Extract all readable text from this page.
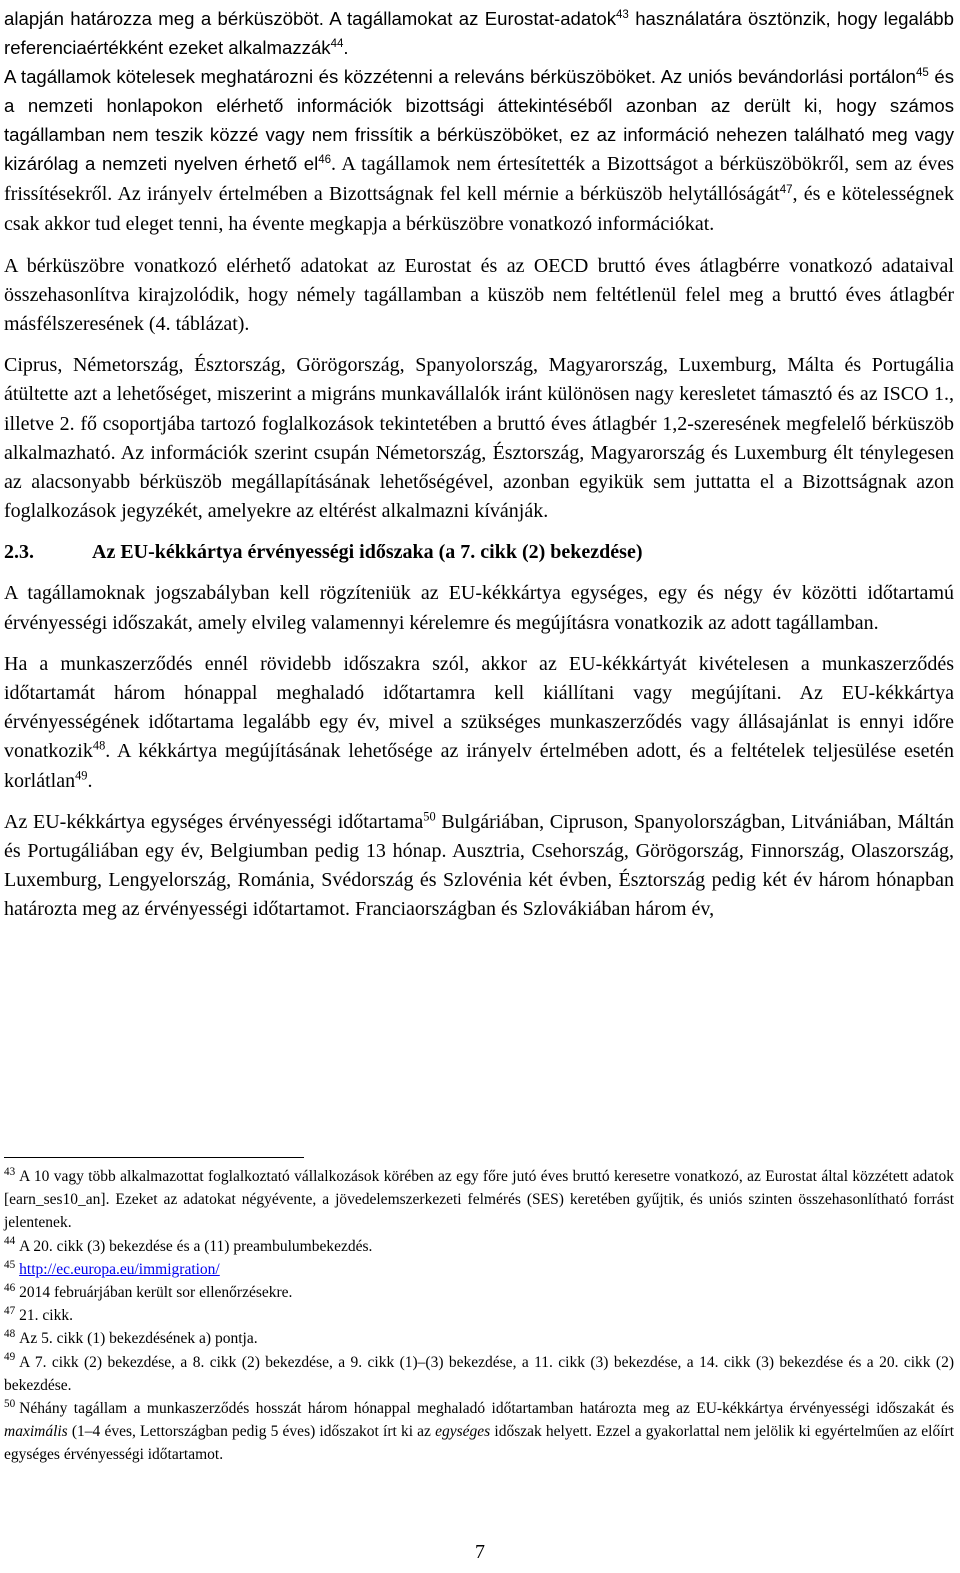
alapján határozza meg a bérküszöböt. A tagállamokat az Eurostat-adatok$^{43}$ használatára ösztönzik, hogy legalább referenciaértékként ezeket alkalmazzák$^{44}$.

A tagállamok kötelesek meghatározni és közzétenni a releváns bérküszöböket. Az uniós bevándorlási portálon$^{45}$ és a nemzeti honlapokon elérhető információk bizottsági áttekintéséből azonban az derült ki, hogy számos tagállamban nem teszik közzé vagy nem frissítik a bérküszöböket, ez az információ nehezen található meg vagy kizárólag a nemzeti nyelven érhető $el^{46}$. A tagállamok nem értesítették a Bizottságot a bérküszöbökről, sem az éves frissítésekről. Az irányelv értelmében a Bizottságnak fel kell mérnie a bérküszöb helytállóságát$^{47}$, és e kötelességnek csak akkor tud eleget tenni, ha évente megkapja a bérküszöbre vonatkozó információkat.

A bérküszöbre vonatkozó elérhető adatokat az Eurostat és az OECD bruttó éves átlagbérre vonatkozó adataival összehasonlítva kirajzolódik, hogy némely tagállamban a küszöb nem feltétlenül felel meg a bruttó éves átlagbér másfélszeresének (4. táblázat).

Ciprus, Németország, Észtország, Görögország, Spanyolország, Magyarország, Luxemburg, Málta és Portugália átültette azt a lehetőséget, miszerint a migráns munkavállalók iránt különösen nagy keresletet támasztó és az ISCO 1., illetve 2. fő csoportjába tartozó foglalkozások tekintetében a bruttó éves átlagbér 1,2-szeresének megfelelő bérküszöb alkalmazható. Az információk szerint csupán Németország, Észtország, Magyarország és Luxemburg élt ténylegesen az alacsonyabb bérküszöb megállapításának lehetőségével, azonban egyikük sem juttatta el a Bizottságnak azon foglalkozások jegyzékét, amelyekre az eltérést alkalmazni kívánják.

2.3.	Az EU-kékkártya érvényességi időszaka (a 7. cikk (2) bekezdése)

A tagállamoknak jogszabályban kell rögzíteniük az EU-kékkártya egységes, egy és négy év közötti időtartamú érvényességi időszakát, amely elvileg valamennyi kérelemre és megújításra vonatkozik az adott tagállamban.

Ha a munkaszerződés ennél rövidebb időszakra szól, akkor az EU-kékkártyát kivételesen a munkaszerződés időtartamát három hónappal meghaladó időtartamra kell kiállítani vagy megújítani. Az EU-kékkártya érvényességének időtartama legalább egy év, mivel a szükséges munkaszerződés vagy állásajánlat is ennyi időre vonatkozik$^{48}$. A kékkártya megújításának lehetősége az irányelv értelmében adott, és a feltételek teljesülése esetén korlátlan$^{49}$.

Az EU-kékkártya egységes érvényességi időtartama$^{50}$ Bulgáriában, Cipruson, Spanyolországban, Litvániában, Máltán és Portugáliában egy év, Belgiumban pedig 13 hónap. Ausztria, Csehország, Görögország, Finnország, Olaszország, Luxemburg, Lengyelország, Románia, Svédország és Szlovénia két évben, Észtország pedig két év három hónapban határozta meg az érvényességi időtartamot. Franciaországban és Szlovákiában három év,

$^{43}$ A 10 vagy több alkalmazottat foglalkoztató vállalkozások körében az egy főre jutó éves bruttó keresetre vonatkozó, az Eurostat által közzétett adatok [earn_ses10_an]. Ezeket az adatokat négyévente, a jövedelemszerkezeti felmérés (SES) keretében gyűjtik, és uniós szinten összehasonlítható forrást jelentenek.

$^{44}$ A 20. cikk (3) bekezdése és a (11) preambulumbekezdés.

$^{45}$ http://ec.europa.eu/immigration/

$^{46}$ 2014 februárjában került sor ellenőrzésekre.

$^{47}$ 21. cikk.

$^{48}$ Az 5. cikk (1) bekezdésének a) pontja.

$^{49}$ A 7. cikk (2) bekezdése, a 8. cikk (2) bekezdése, a 9. cikk (1)–(3) bekezdése, a 11. cikk (3) bekezdése, a 14. cikk (3) bekezdése és a 20. cikk (2) bekezdése.

$^{50}$ Néhány tagállam a munkaszerződés hosszát három hónappal meghaladó időtartamban határozta meg az EU-kékkártya érvényességi időszakát és maximális (1–4 éves, Lettországban pedig 5 éves) időszakot írt ki az egységes időszak helyett. Ezzel a gyakorlattal nem jelölik ki egyértelműen az előírt egységes érvényességi időtartamot.

7
